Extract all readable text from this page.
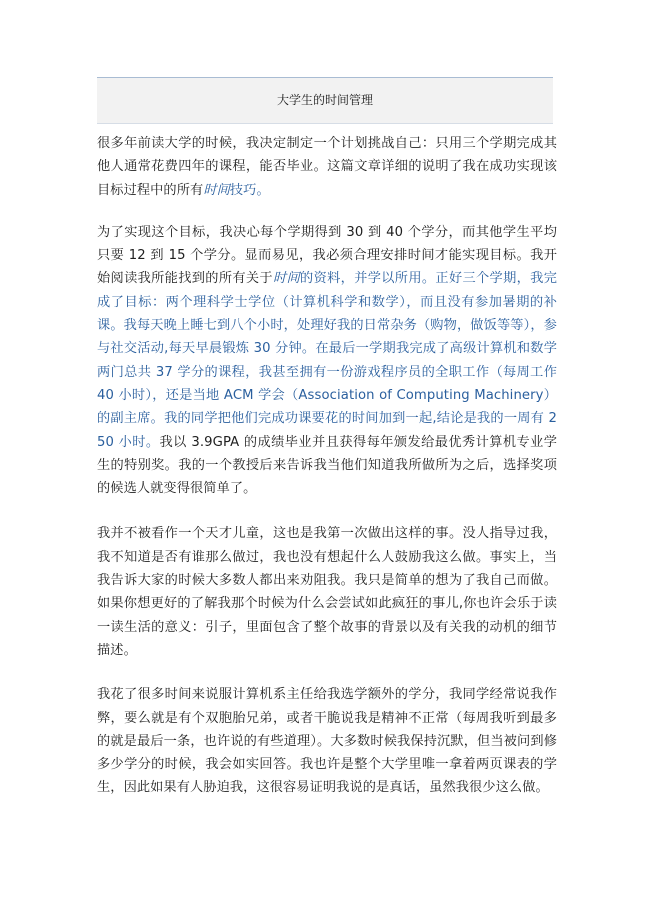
大学生的时间管理

很多年前读大学的时候，我决定制定一个计划挑战自己：只用三个学期完成其他人通常花费四年的课程，能否毕业。这篇文章详细的说明了我在成功实现该目标过程中的所有时间技巧。

为了实现这个目标，我决心每个学期得到 30 到 40 个学分，而其他学生平均只要 12 到 15 个学分。显而易见，我必须合理安排时间才能实现目标。我开始阅读我所能找到的所有关于时间的资料，并学以所用。正好三个学期，我完成了目标：两个理科学士学位（计算机科学和数学），而且没有参加暑期的补课。我每天晚上睡七到八个小时，处理好我的日常杂务（购物，做饭等等），参与社交活动,每天早晨锻炼 30 分钟。在最后一学期我完成了高级计算机和数学两门总共 37 学分的课程，我甚至拥有一份游戏程序员的全职工作（每周工作 40 小时），还是当地 ACM 学会（Association of Computing Machinery）的副主席。我的同学把他们完成功课要花的时间加到一起,结论是我的一周有 250 小时。我以 3.9GPA 的成绩毕业并且获得每年颁发给最优秀计算机专业学生的特别奖。我的一个教授后来告诉我当他们知道我所做所为之后，选择奖项的候选人就变得很简单了。

我并不被看作一个天才儿童，这也是我第一次做出这样的事。没人指导过我，我不知道是否有谁那么做过，我也没有想起什么人鼓励我这么做。事实上，当我告诉大家的时候大多数人都出来劝阻我。我只是简单的想为了我自己而做。如果你想更好的了解我那个时候为什么会尝试如此疯狂的事儿,你也许会乐于读一读生活的意义：引子，里面包含了整个故事的背景以及有关我的动机的细节描述。

我花了很多时间来说服计算机系主任给我选学额外的学分，我同学经常说我作弊，要么就是有个双胞胎兄弟，或者干脆说我是精神不正常（每周我听到最多的就是最后一条，也许说的有些道理）。大多数时候我保持沉默，但当被问到修多少学分的时候，我会如实回答。我也许是整个大学里唯一拿着两页课表的学生，因此如果有人胁迫我，这很容易证明我说的是真话，虽然我很少这么做。
